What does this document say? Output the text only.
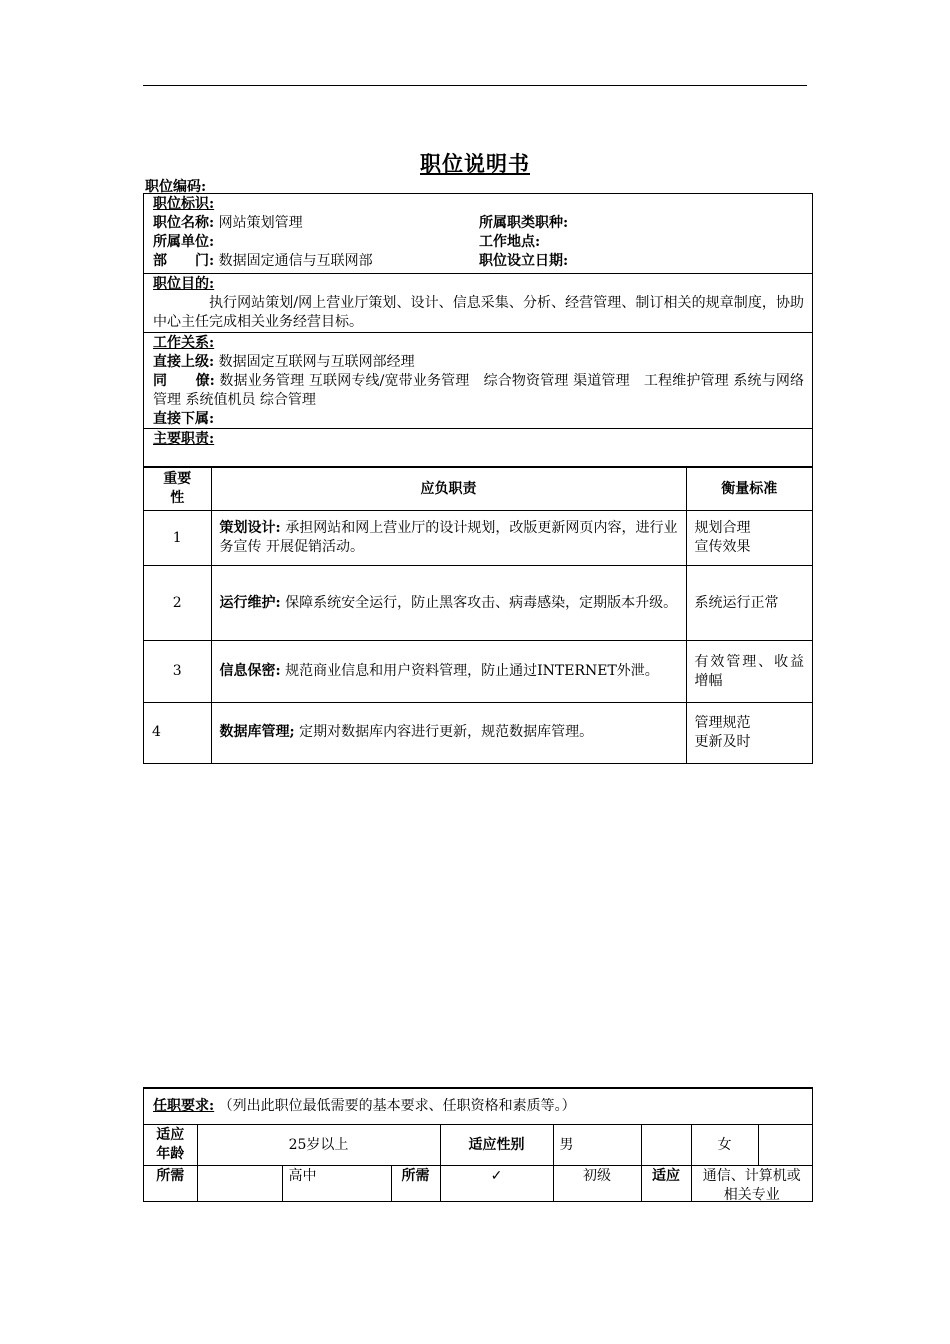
职位说明书
职位编码:
职位标识:
职位名称: 网站策划管理	所属职类职种:
所属单位:	工作地点:
部　　门: 数据固定通信与互联网部	职位设立日期:
职位目的:
执行网站策划/网上营业厅策划、设计、信息采集、分析、经营管理、制订相关的规章制度，协助中心主任完成相关业务经营目标。
工作关系:
直接上级: 数据固定互联网与互联网部经理
同　　僚: 数据业务管理 互联网专线/宽带业务管理　综合物资管理 渠道管理　工程维护管理 系统与网络管理 系统值机员 综合管理
直接下属:
主要职责:
重要性	应负职责	衡量标准
1	策划设计: 承担网站和网上营业厅的设计规划，改版更新网页内容，进行业务宣传 开展促销活动。	规划合理
宣传效果
2	运行维护: 保障系统安全运行，防止黑客攻击、病毒感染，定期版本升级。	系统运行正常
3	信息保密: 规范商业信息和用户资料管理，防止通过INTERNET外泄。	有效管理、收益增幅
4	数据库管理; 定期对数据库内容进行更新，规范数据库管理。	管理规范
更新及时
任职要求: （列出此职位最低需要的基本要求、任职资格和素质等。）								
适应年龄	25岁以上			适应性别	男		女	
所需		高中	所需	✓	初级	适应	通信、计算机或相关专业	
